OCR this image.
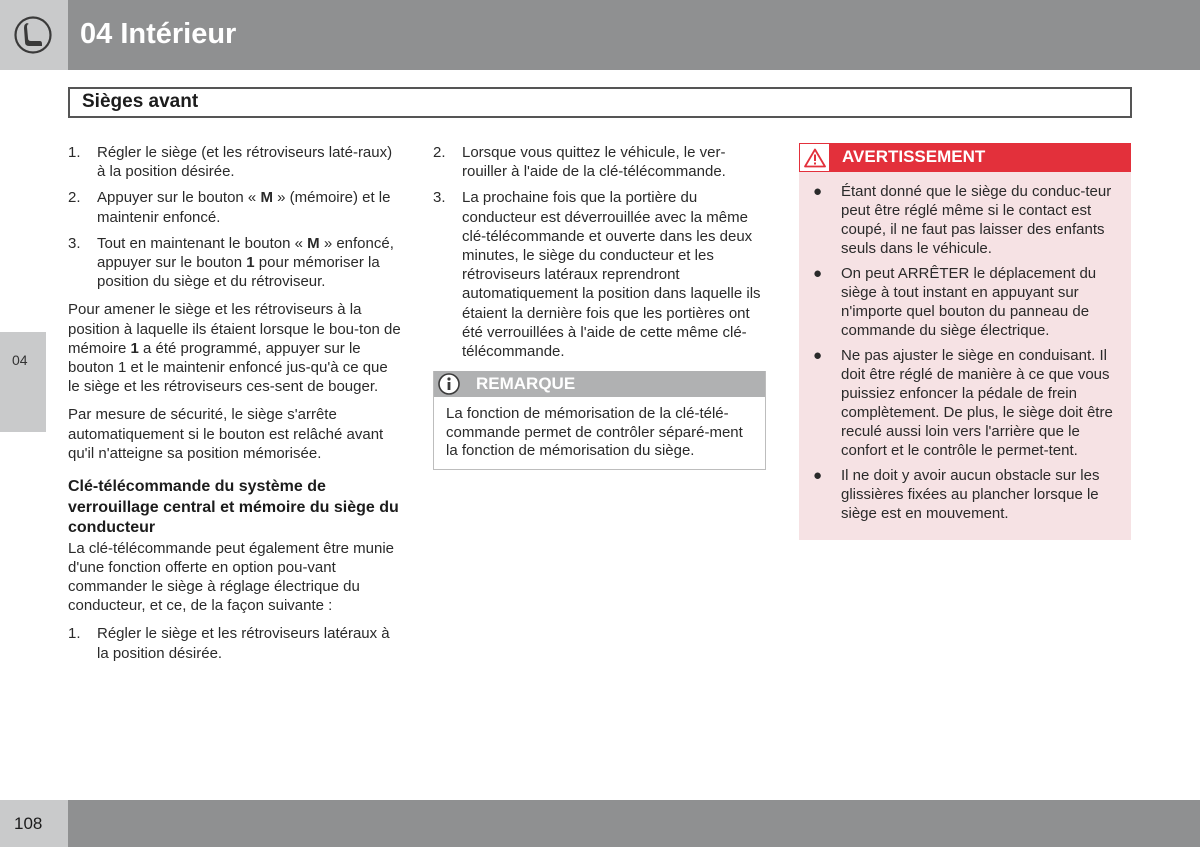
04 Intérieur
Sièges avant
04
1. Régler le siège (et les rétroviseurs laté-raux) à la position désirée.
2. Appuyer sur le bouton « M » (mémoire) et le maintenir enfoncé.
3. Tout en maintenant le bouton « M » enfoncé, appuyer sur le bouton 1 pour mémoriser la position du siège et du rétroviseur.

Pour amener le siège et les rétroviseurs à la position à laquelle ils étaient lorsque le bou-ton de mémoire 1 a été programmé, appuyer sur le bouton 1 et le maintenir enfoncé jus-qu'à ce que le siège et les rétroviseurs ces-sent de bouger.

Par mesure de sécurité, le siège s'arrête automatiquement si le bouton est relâché avant qu'il n'atteigne sa position mémorisée.

Clé-télécommande du système de verrouillage central et mémoire du siège du conducteur

La clé-télécommande peut également être munie d'une fonction offerte en option pou-vant commander le siège à réglage électrique du conducteur, et ce, de la façon suivante :

1. Régler le siège et les rétroviseurs latéraux à la position désirée.
2. Lorsque vous quittez le véhicule, le ver-rouiller à l'aide de la clé-télécommande.
3. La prochaine fois que la portière du conducteur est déverrouillée avec la même clé-télécommande et ouverte dans les deux minutes, le siège du conducteur et les rétroviseurs latéraux reprendront automatiquement la position dans laquelle ils étaient la dernière fois que les portières ont été verrouillées à l'aide de cette même clé-télécommande.
REMARQUE
La fonction de mémorisation de la clé-télé-commande permet de contrôler séparé-ment la fonction de mémorisation du siège.
AVERTISSEMENT
● Étant donné que le siège du conduc-teur peut être réglé même si le contact est coupé, il ne faut pas laisser des enfants seuls dans le véhicule.
● On peut ARRÊTER le déplacement du siège à tout instant en appuyant sur n'importe quel bouton du panneau de commande du siège électrique.
● Ne pas ajuster le siège en conduisant. Il doit être réglé de manière à ce que vous puissiez enfoncer la pédale de frein complètement. De plus, le siège doit être reculé aussi loin vers l'arrière que le confort et le contrôle le permet-tent.
● Il ne doit y avoir aucun obstacle sur les glissières fixées au plancher lorsque le siège est en mouvement.
108
